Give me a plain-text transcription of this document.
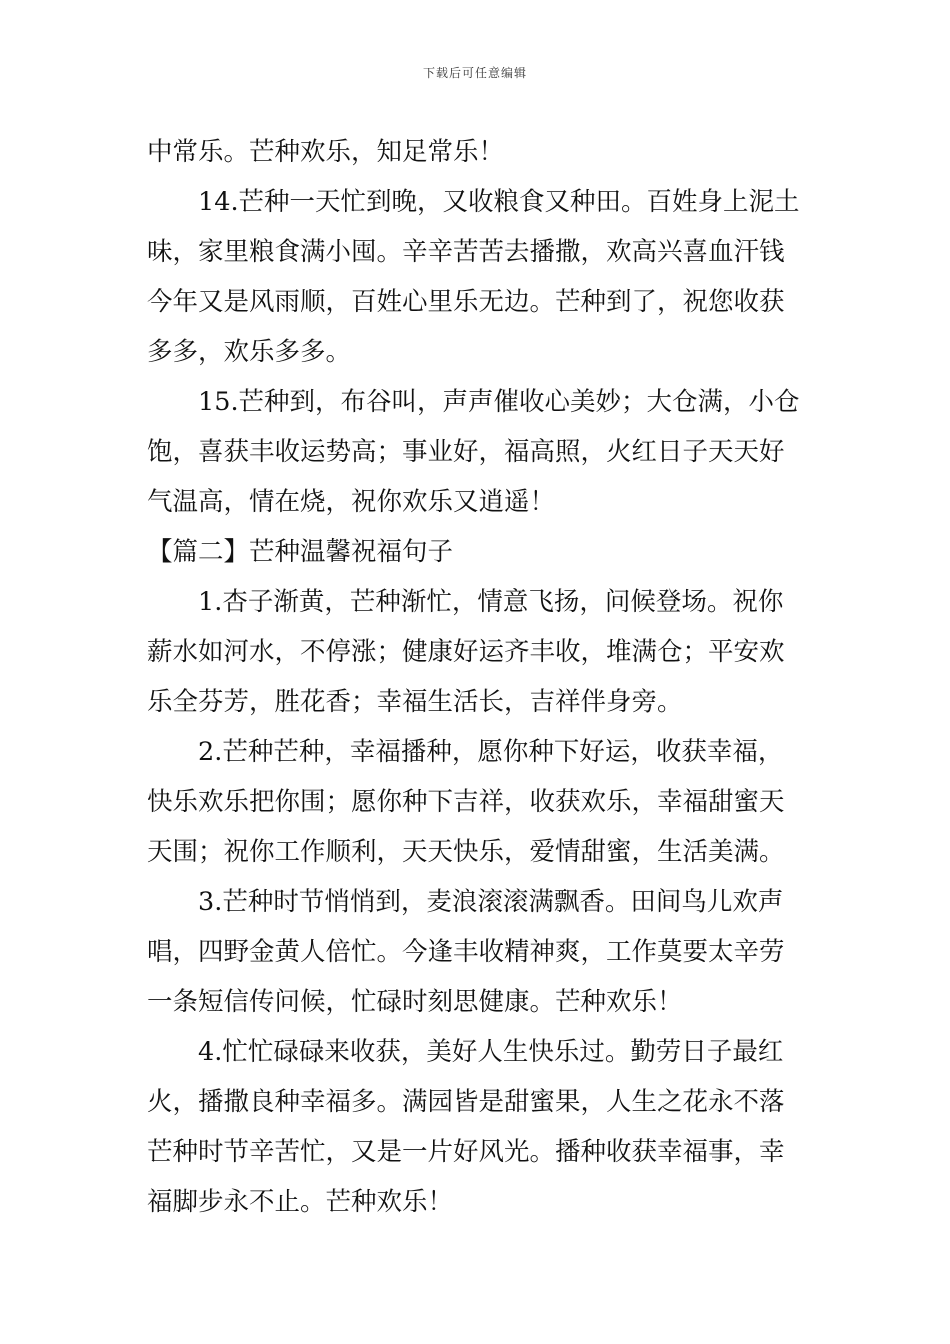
下载后可任意编辑
中常乐。芒种欢乐，知足常乐！
14.芒种一天忙到晚，又收粮食又种田。百姓身上泥土
味，家里粮食满小囤。辛辛苦苦去播撒，欢高兴喜血汗钱
今年又是风雨顺，百姓心里乐无边。芒种到了，祝您收获
多多，欢乐多多。
15.芒种到，布谷叫，声声催收心美妙；大仓满，小仓
饱，喜获丰收运势高；事业好，福高照，火红日子天天好
气温高，情在烧，祝你欢乐又逍遥！
【篇二】芒种温馨祝福句子
1.杏子渐黄，芒种渐忙，情意飞扬，问候登场。祝你
薪水如河水，不停涨；健康好运齐丰收，堆满仓；平安欢
乐全芬芳，胜花香；幸福生活长，吉祥伴身旁。
2.芒种芒种，幸福播种，愿你种下好运，收获幸福，
快乐欢乐把你围；愿你种下吉祥，收获欢乐，幸福甜蜜天
天围；祝你工作顺利，天天快乐，爱情甜蜜，生活美满。
3.芒种时节悄悄到，麦浪滚滚满飘香。田间鸟儿欢声
唱，四野金黄人倍忙。今逢丰收精神爽，工作莫要太辛劳
一条短信传问候，忙碌时刻思健康。芒种欢乐！
4.忙忙碌碌来收获，美好人生快乐过。勤劳日子最红
火，播撒良种幸福多。满园皆是甜蜜果，人生之花永不落
芒种时节辛苦忙，又是一片好风光。播种收获幸福事，幸
福脚步永不止。芒种欢乐！
